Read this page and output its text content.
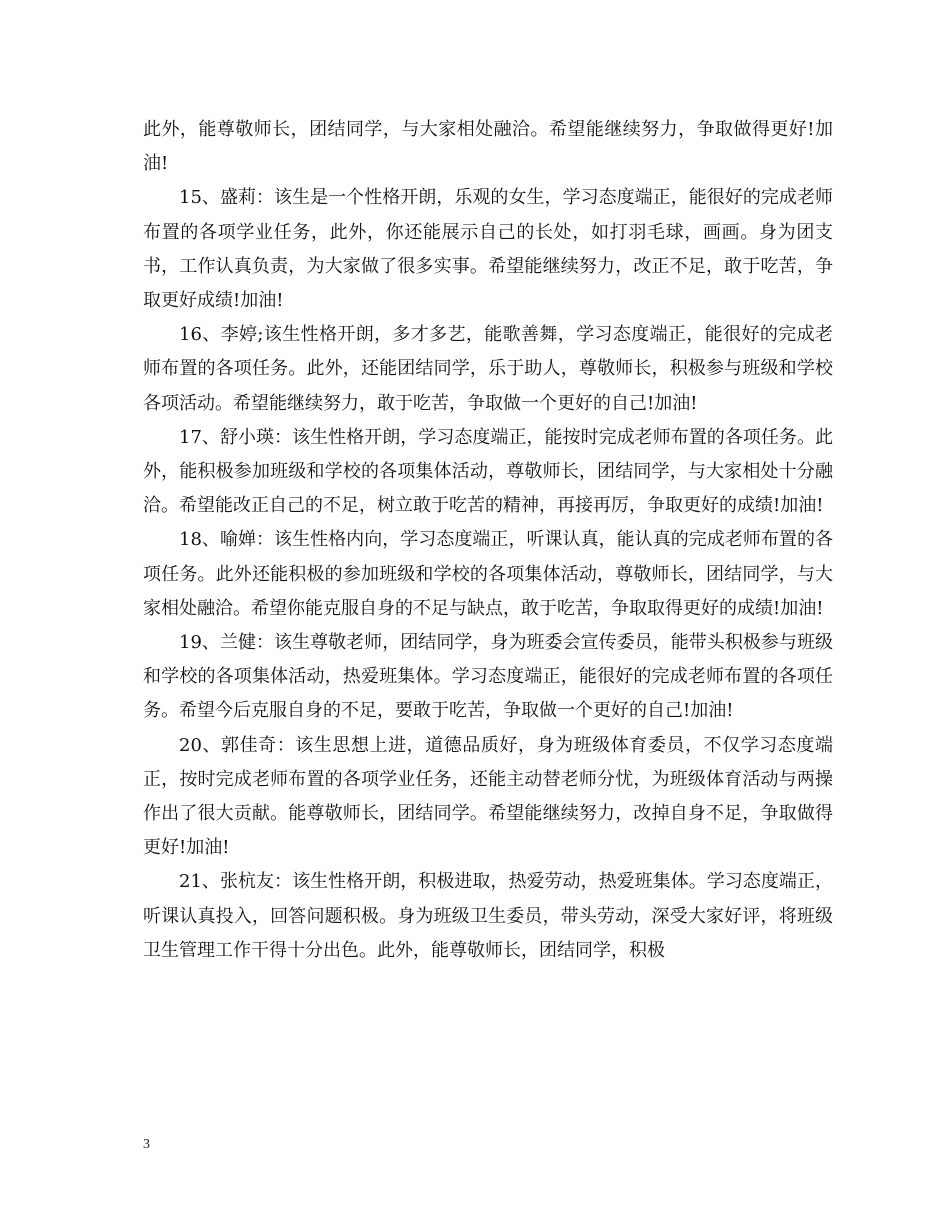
此外，能尊敬师长，团结同学，与大家相处融洽。希望能继续努力，争取做得更好!加油!

15、盛莉：该生是一个性格开朗，乐观的女生，学习态度端正，能很好的完成老师布置的各项学业任务，此外，你还能展示自己的长处，如打羽毛球，画画。身为团支书，工作认真负责，为大家做了很多实事。希望能继续努力，改正不足，敢于吃苦，争取更好成绩!加油!

16、李婷;该生性格开朗，多才多艺，能歌善舞，学习态度端正，能很好的完成老师布置的各项任务。此外，还能团结同学，乐于助人，尊敬师长，积极参与班级和学校各项活动。希望能继续努力，敢于吃苦，争取做一个更好的自己!加油!

17、舒小瑛：该生性格开朗，学习态度端正，能按时完成老师布置的各项任务。此外，能积极参加班级和学校的各项集体活动，尊敬师长，团结同学，与大家相处十分融洽。希望能改正自己的不足，树立敢于吃苦的精神，再接再厉，争取更好的成绩!加油!

18、喻婵：该生性格内向，学习态度端正，听课认真，能认真的完成老师布置的各项任务。此外还能积极的参加班级和学校的各项集体活动，尊敬师长，团结同学，与大家相处融洽。希望你能克服自身的不足与缺点，敢于吃苦，争取取得更好的成绩!加油!

19、兰健：该生尊敬老师，团结同学，身为班委会宣传委员，能带头积极参与班级和学校的各项集体活动，热爱班集体。学习态度端正，能很好的完成老师布置的各项任务。希望今后克服自身的不足，要敢于吃苦，争取做一个更好的自己!加油!

20、郭佳奇：该生思想上进，道德品质好，身为班级体育委员，不仅学习态度端正，按时完成老师布置的各项学业任务，还能主动替老师分忧，为班级体育活动与两操作出了很大贡献。能尊敬师长，团结同学。希望能继续努力，改掉自身不足，争取做得更好!加油!

21、张杭友：该生性格开朗，积极进取，热爱劳动，热爱班集体。学习态度端正，听课认真投入，回答问题积极。身为班级卫生委员，带头劳动，深受大家好评，将班级卫生管理工作干得十分出色。此外，能尊敬师长，团结同学，积极

3
